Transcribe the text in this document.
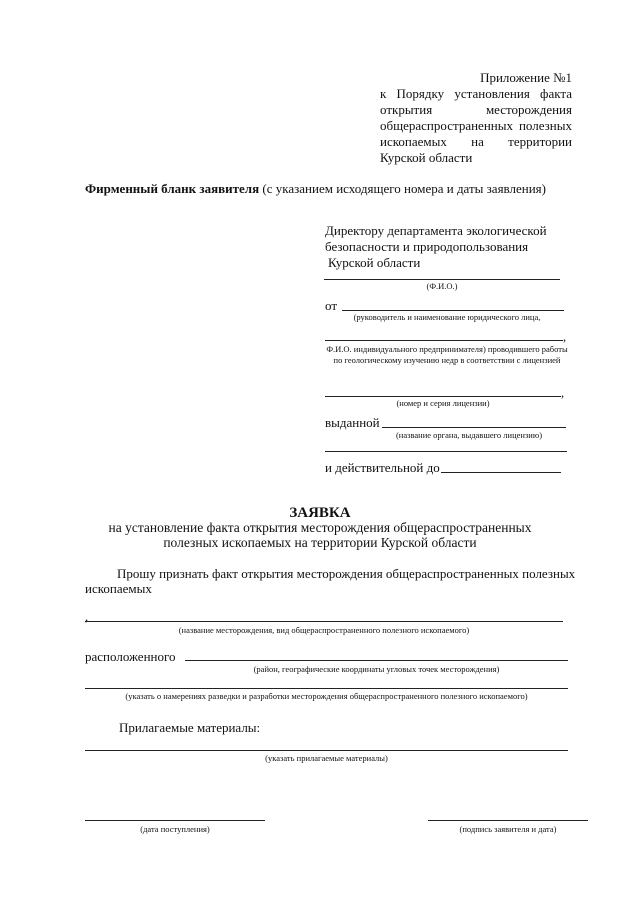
Приложение №1
к Порядку установления факта
открытия месторождения
общераспространенных полезных
ископаемых на территории
Курской области
Фирменный бланк заявителя (с указанием исходящего номера и даты заявления)
Директору департамента экологической
безопасности и природопользования
Курской области
(Ф.И.О.)
от
(руководитель и наименование юридического лица,
,
Ф.И.О. индивидуального предпринимателя) проводившего работы по геологическому изучению недр в соответствии с лицензией
,
(номер и серия лицензии)
выданной
(название органа, выдавшего лицензию)
и действительной до
ЗАЯВКА
на установление факта открытия месторождения общераспространенных
полезных ископаемых на территории Курской области
Прошу признать факт открытия месторождения общераспространенных полезных
ископаемых
,
(название месторождения, вид общераспространенного полезного ископаемого)
расположенного
(район, географические координаты угловых точек месторождения)
(указать о намерениях разведки и разработки месторождения общераспространенного полезного ископаемого)
Прилагаемые материалы:
(указать прилагаемые материалы)
(дата поступления)	(подпись заявителя и дата)
